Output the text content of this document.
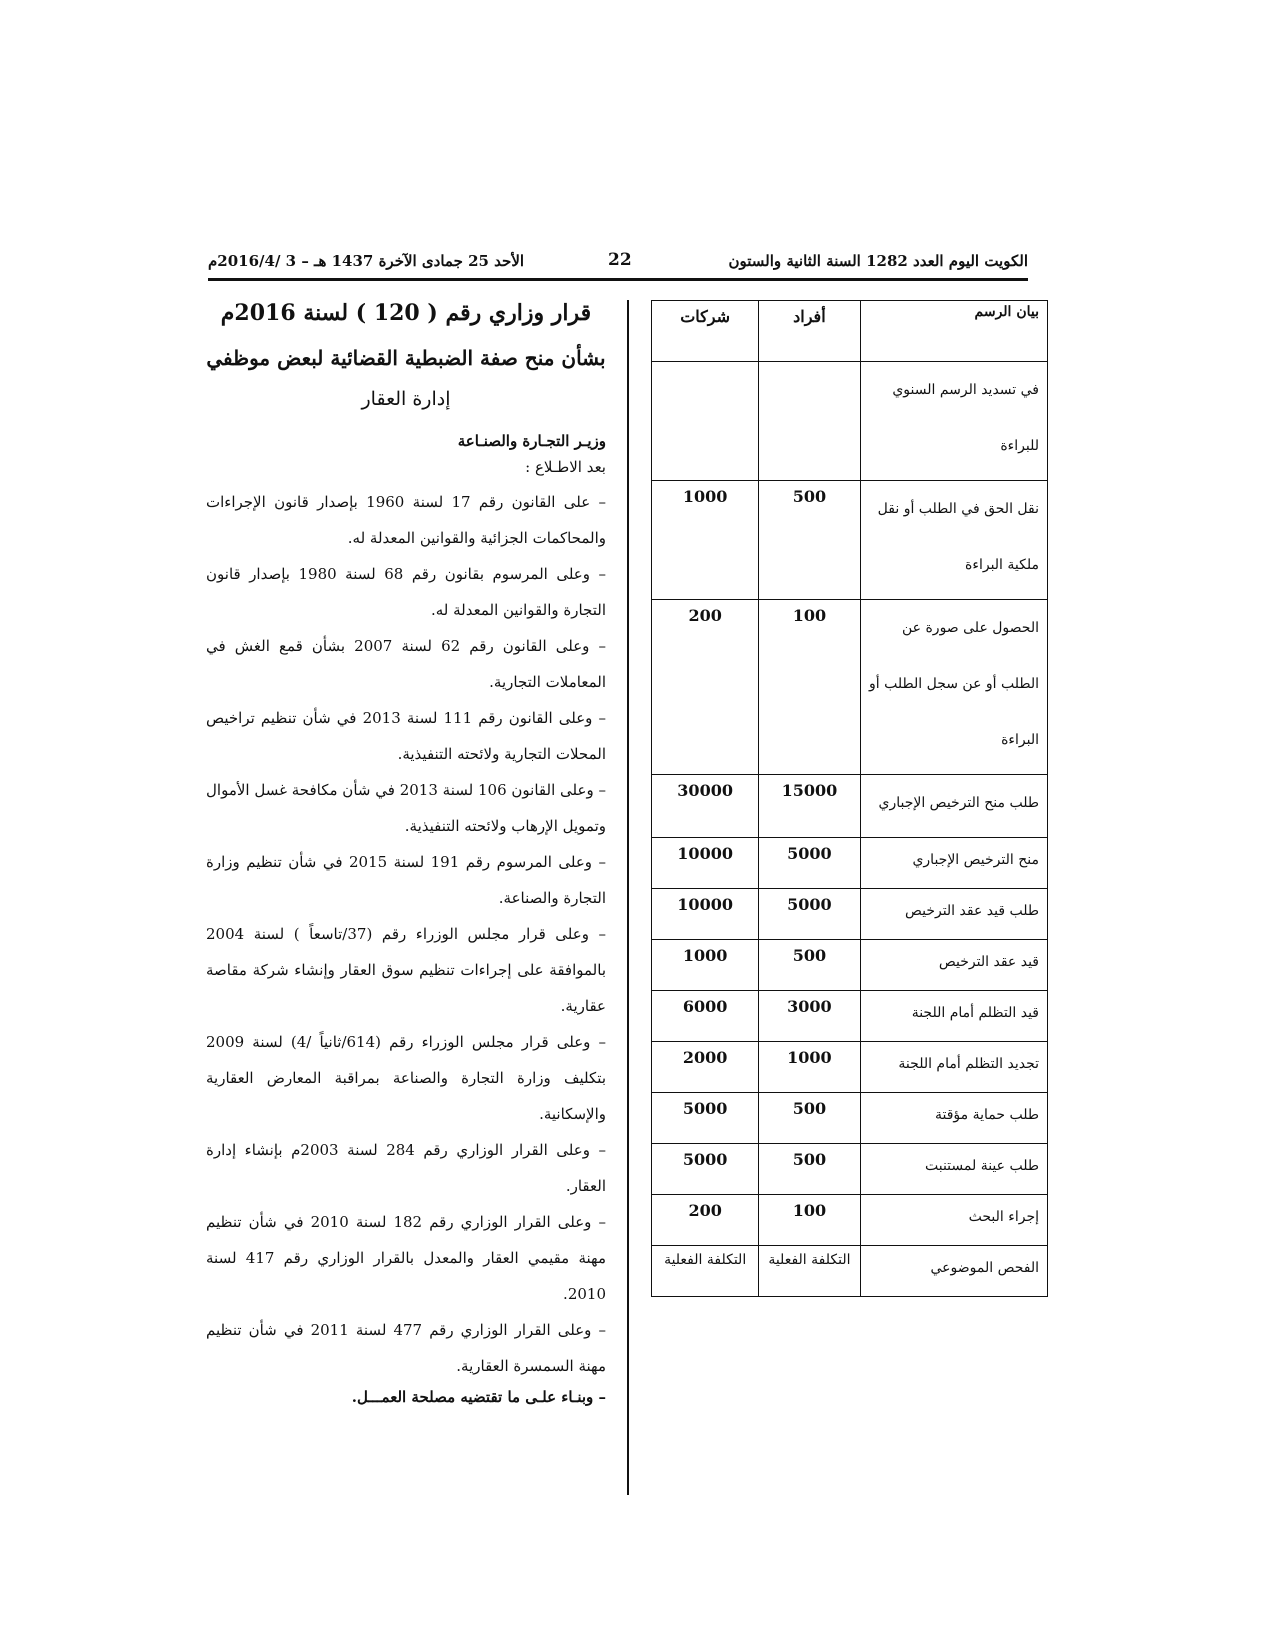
الكويت اليوم العدد 1282 السنة الثانية والستون
22
الأحد 25 جمادى الآخرة 1437 هـ – 3 /2016/4م
بيان الرسم	أفراد	شركات
في تسديد الرسم السنوي للبراءة		
نقل الحق في الطلب أو نقل ملكية البراءة	500	1000
الحصول على صورة عن الطلب أو عن سجل الطلب أو البراءة	100	200
طلب منح الترخيص الإجباري	15000	30000
منح الترخيص الإجباري	5000	10000
طلب قيد عقد الترخيص	5000	10000
قيد عقد الترخيص	500	1000
قيد التظلم أمام اللجنة	3000	6000
تجديد التظلم أمام اللجنة	1000	2000
طلب حماية مؤقتة	500	5000
طلب عينة لمستنبت	500	5000
إجراء البحث	100	200
الفحص الموضوعي	التكلفة الفعلية	التكلفة الفعلية

قرار وزاري رقم ( 120 ) لسنة 2016م

بشأن منح صفة الضبطية القضائية لبعض موظفي

إدارة العقار

وزيـر التجـارة والصنـاعة

بعد الاطـلاع :

– على القانون رقم 17 لسنة 1960 بإصدار قانون الإجراءات والمحاكمات الجزائية والقوانين المعدلة له.

– وعلى المرسوم بقانون رقم 68 لسنة 1980 بإصدار قانون التجارة والقوانين المعدلة له.

– وعلى القانون رقم 62 لسنة 2007 بشأن قمع الغش في المعاملات التجارية.

– وعلى القانون رقم 111 لسنة 2013 في شأن تنظيم تراخيص المحلات التجارية ولائحته التنفيذية.

– وعلى القانون 106 لسنة 2013 في شأن مكافحة غسل الأموال وتمويل الإرهاب ولائحته التنفيذية.

– وعلى المرسوم رقم 191 لسنة 2015 في شأن تنظيم وزارة التجارة والصناعة.

– وعلى قرار مجلس الوزراء رقم (37/تاسعاً ) لسنة 2004 بالموافقة على إجراءات تنظيم سوق العقار وإنشاء شركة مقاصة عقارية.

– وعلى قرار مجلس الوزراء رقم (614/ثانياً /4) لسنة 2009 بتكليف وزارة التجارة والصناعة بمراقبة المعارض العقارية والإسكانية.

– وعلى القرار الوزاري رقم 284 لسنة 2003م بإنشاء إدارة العقار.

– وعلى القرار الوزاري رقم 182 لسنة 2010 في شأن تنظيم مهنة مقيمي العقار والمعدل بالقرار الوزاري رقم 417 لسنة 2010.

– وعلى القرار الوزاري رقم 477 لسنة 2011 في شأن تنظيم مهنة السمسرة العقارية.

– وبنـاء علـى ما تقتضيه مصلحة العمـــل.
